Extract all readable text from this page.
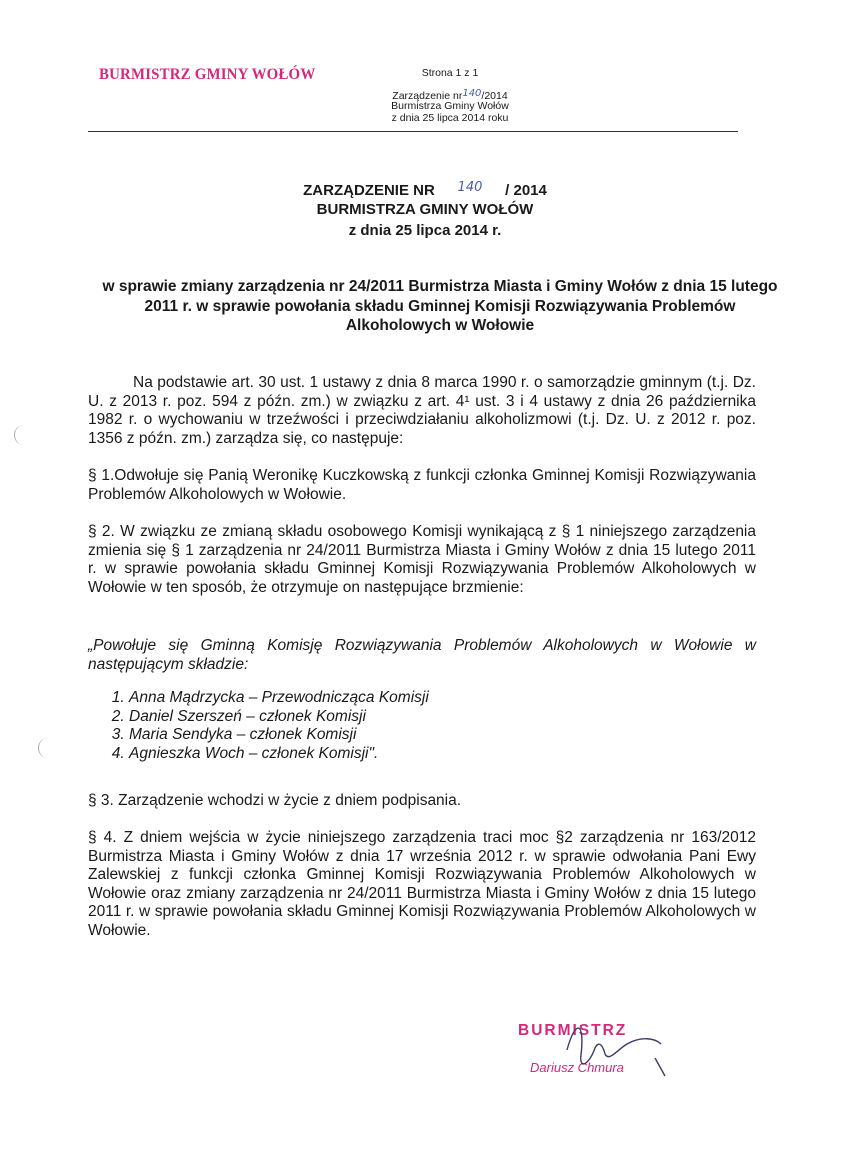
BURMISTRZ GMINY WOŁÓW	Strona 1 z 1
Zarządzenie nr140/2014
Burmistrza Gminy Wołów
z dnia 25 lipca 2014 roku
ZARZĄDZENIE NR 140 / 2014
BURMISTRZA GMINY WOŁÓW
z dnia 25 lipca 2014 r.
w sprawie zmiany zarządzenia nr 24/2011 Burmistrza Miasta i Gminy Wołów z dnia 15 lutego 2011 r. w sprawie powołania składu Gminnej Komisji Rozwiązywania Problemów Alkoholowych w Wołowie
Na podstawie art. 30 ust. 1 ustawy z dnia 8 marca 1990 r. o samorządzie gminnym (t.j. Dz. U. z 2013 r. poz. 594 z późn. zm.) w związku z art. 4¹ ust. 3 i 4 ustawy z dnia 26 października 1982 r. o wychowaniu w trzeźwości i przeciwdziałaniu alkoholizmowi (t.j. Dz. U. z 2012 r. poz. 1356 z późn. zm.) zarządza się, co następuje:
§ 1.Odwołuje się Panią Weronikę Kuczkowską z funkcji członka Gminnej Komisji Rozwiązywania Problemów Alkoholowych w Wołowie.
§ 2. W związku ze zmianą składu osobowego Komisji wynikającą z § 1 niniejszego zarządzenia zmienia się § 1 zarządzenia nr 24/2011 Burmistrza Miasta i Gminy Wołów z dnia 15 lutego 2011 r. w sprawie powołania składu Gminnej Komisji Rozwiązywania Problemów Alkoholowych w Wołowie w ten sposób, że otrzymuje on następujące brzmienie:
„Powołuje się Gminną Komisję Rozwiązywania Problemów Alkoholowych w Wołowie w następującym składzie:
1. Anna Mądrzycka – Przewodnicząca Komisji
2. Daniel Szerszeń – członek Komisji
3. Maria Sendyka – członek Komisji
4. Agnieszka Woch – członek Komisji".
§ 3. Zarządzenie wchodzi w życie z dniem podpisania.
§ 4. Z dniem wejścia w życie niniejszego zarządzenia traci moc §2 zarządzenia nr 163/2012 Burmistrza Miasta i Gminy Wołów z dnia 17 września 2012 r. w sprawie odwołania Pani Ewy Zalewskiej z funkcji członka Gminnej Komisji Rozwiązywania Problemów Alkoholowych w Wołowie oraz zmiany zarządzenia nr 24/2011 Burmistrza Miasta i Gminy Wołów z dnia 15 lutego 2011 r. w sprawie powołania składu Gminnej Komisji Rozwiązywania Problemów Alkoholowych w Wołowie.
BURMISTRZ
Dariusz Chmura
